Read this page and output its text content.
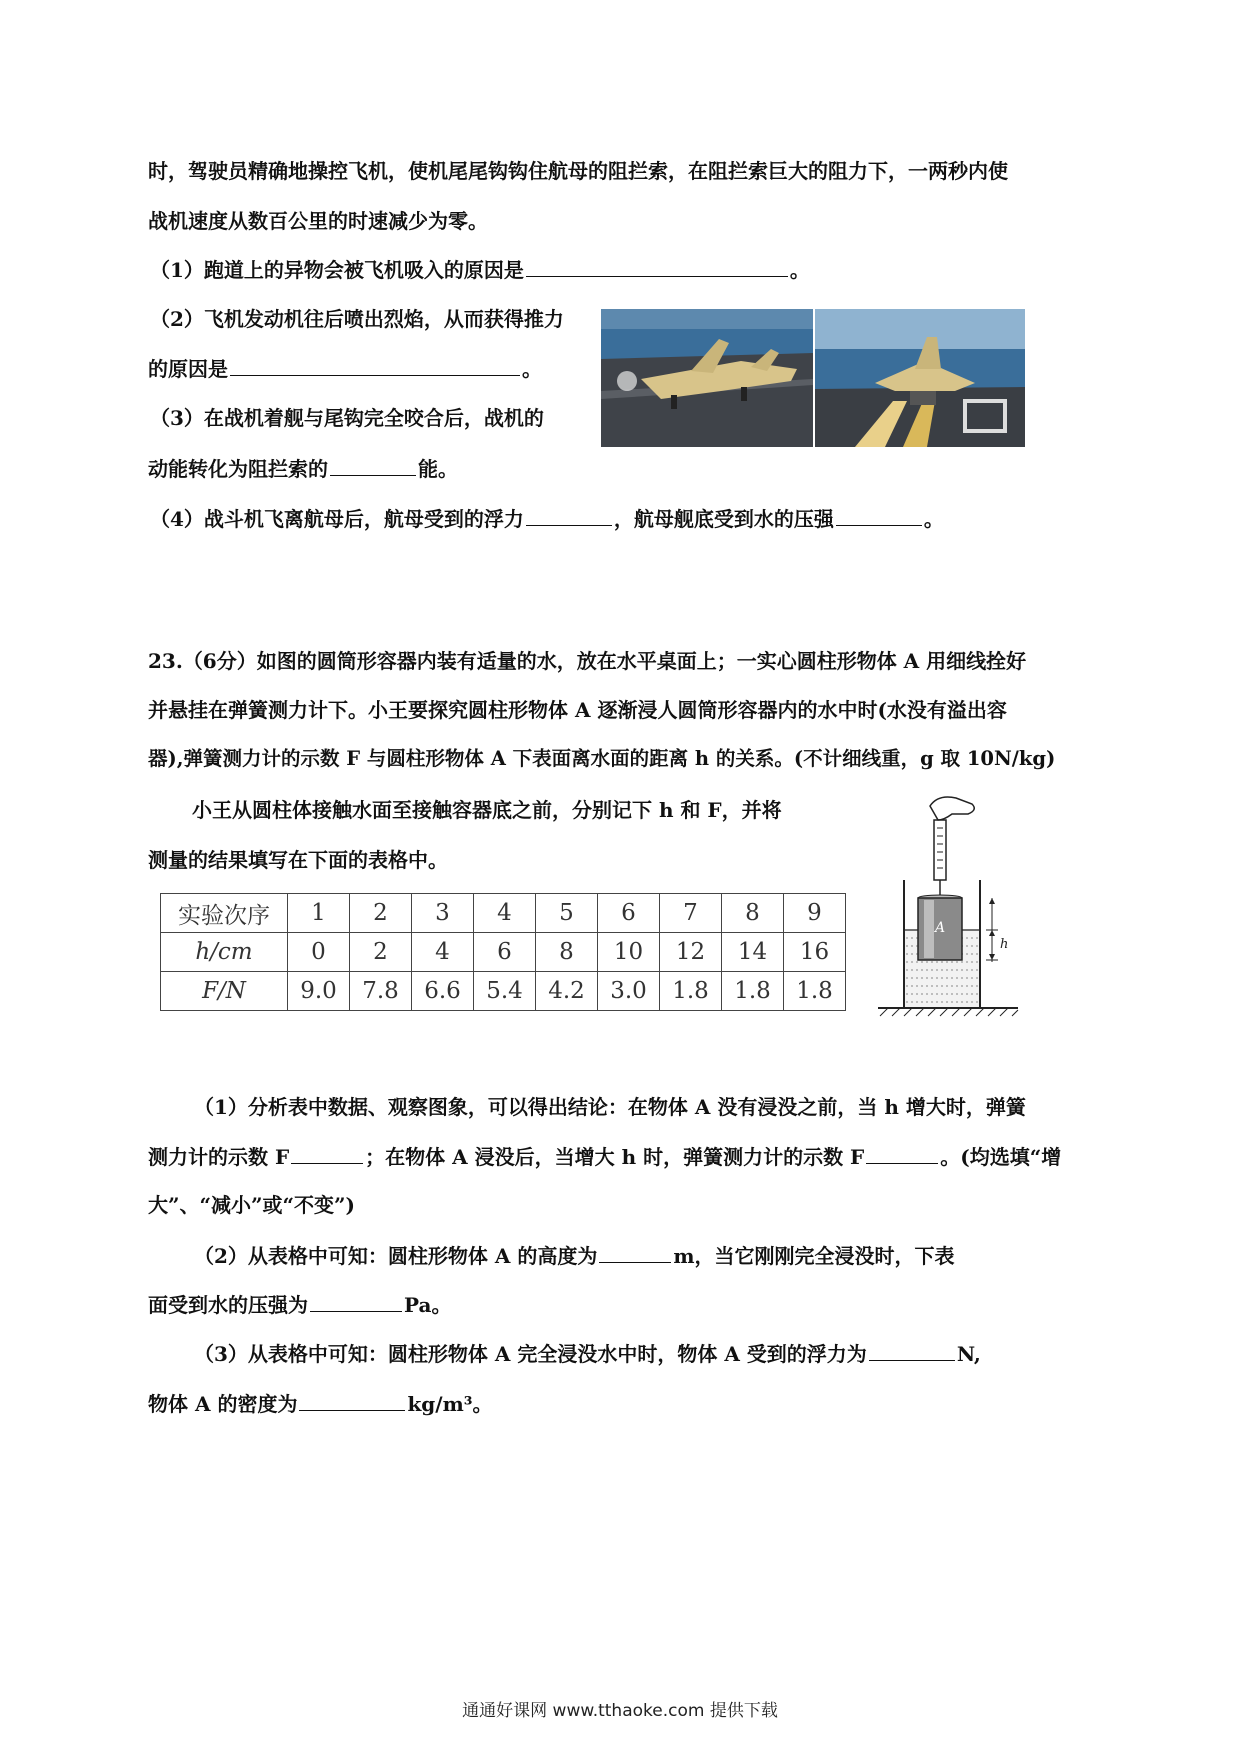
时，驾驶员精确地操控飞机，使机尾尾钩钩住航母的阻拦索，在阻拦索巨大的阻力下，一两秒内使
战机速度从数百公里的时速减少为零。
（1）跑道上的异物会被飞机吸入的原因是	。
（2）飞机发动机往后喷出烈焰，从而获得推力
的原因是	。
（3）在战机着舰与尾钩完全咬合后，战机的
动能转化为阻拦索的	能。
（4）战斗机飞离航母后，航母受到的浮力	，航母舰底受到水的压强	。
23.（6分）如图的圆筒形容器内装有适量的水，放在水平桌面上；一实心圆柱形物体 A 用细线拴好
并悬挂在弹簧测力计下。小王要探究圆柱形物体 A 逐渐浸人圆筒形容器内的水中时(水没有溢出容
器),弹簧测力计的示数 F 与圆柱形物体 A 下表面离水面的距离 h 的关系。(不计细线重，g 取 10N/kg)
小王从圆柱体接触水面至接触容器底之前，分别记下 h 和 F，并将
测量的结果填写在下面的表格中。
实验次序	1	2	3	4	5	6	7	8	9
h/cm	0	2	4	6	8	10	12	14	16
F/N	9.0	7.8	6.6	5.4	4.2	3.0	1.8	1.8	1.8
A
h
（1）分析表中数据、观察图象，可以得出结论：在物体 A 没有浸没之前，当 h 增大时，弹簧
测力计的示数 F	；在物体 A 浸没后，当增大 h 时，弹簧测力计的示数 F	。(均选填“增
大”、“减小”或“不变”)
（2）从表格中可知：圆柱形物体 A 的高度为	m，当它刚刚完全浸没时，下表
面受到水的压强为	Pa。
（3）从表格中可知：圆柱形物体 A 完全浸没水中时，物体 A 受到的浮力为	N,
物体 A 的密度为	kg/m³。
通通好课网 www.tthaoke.com 提供下载
